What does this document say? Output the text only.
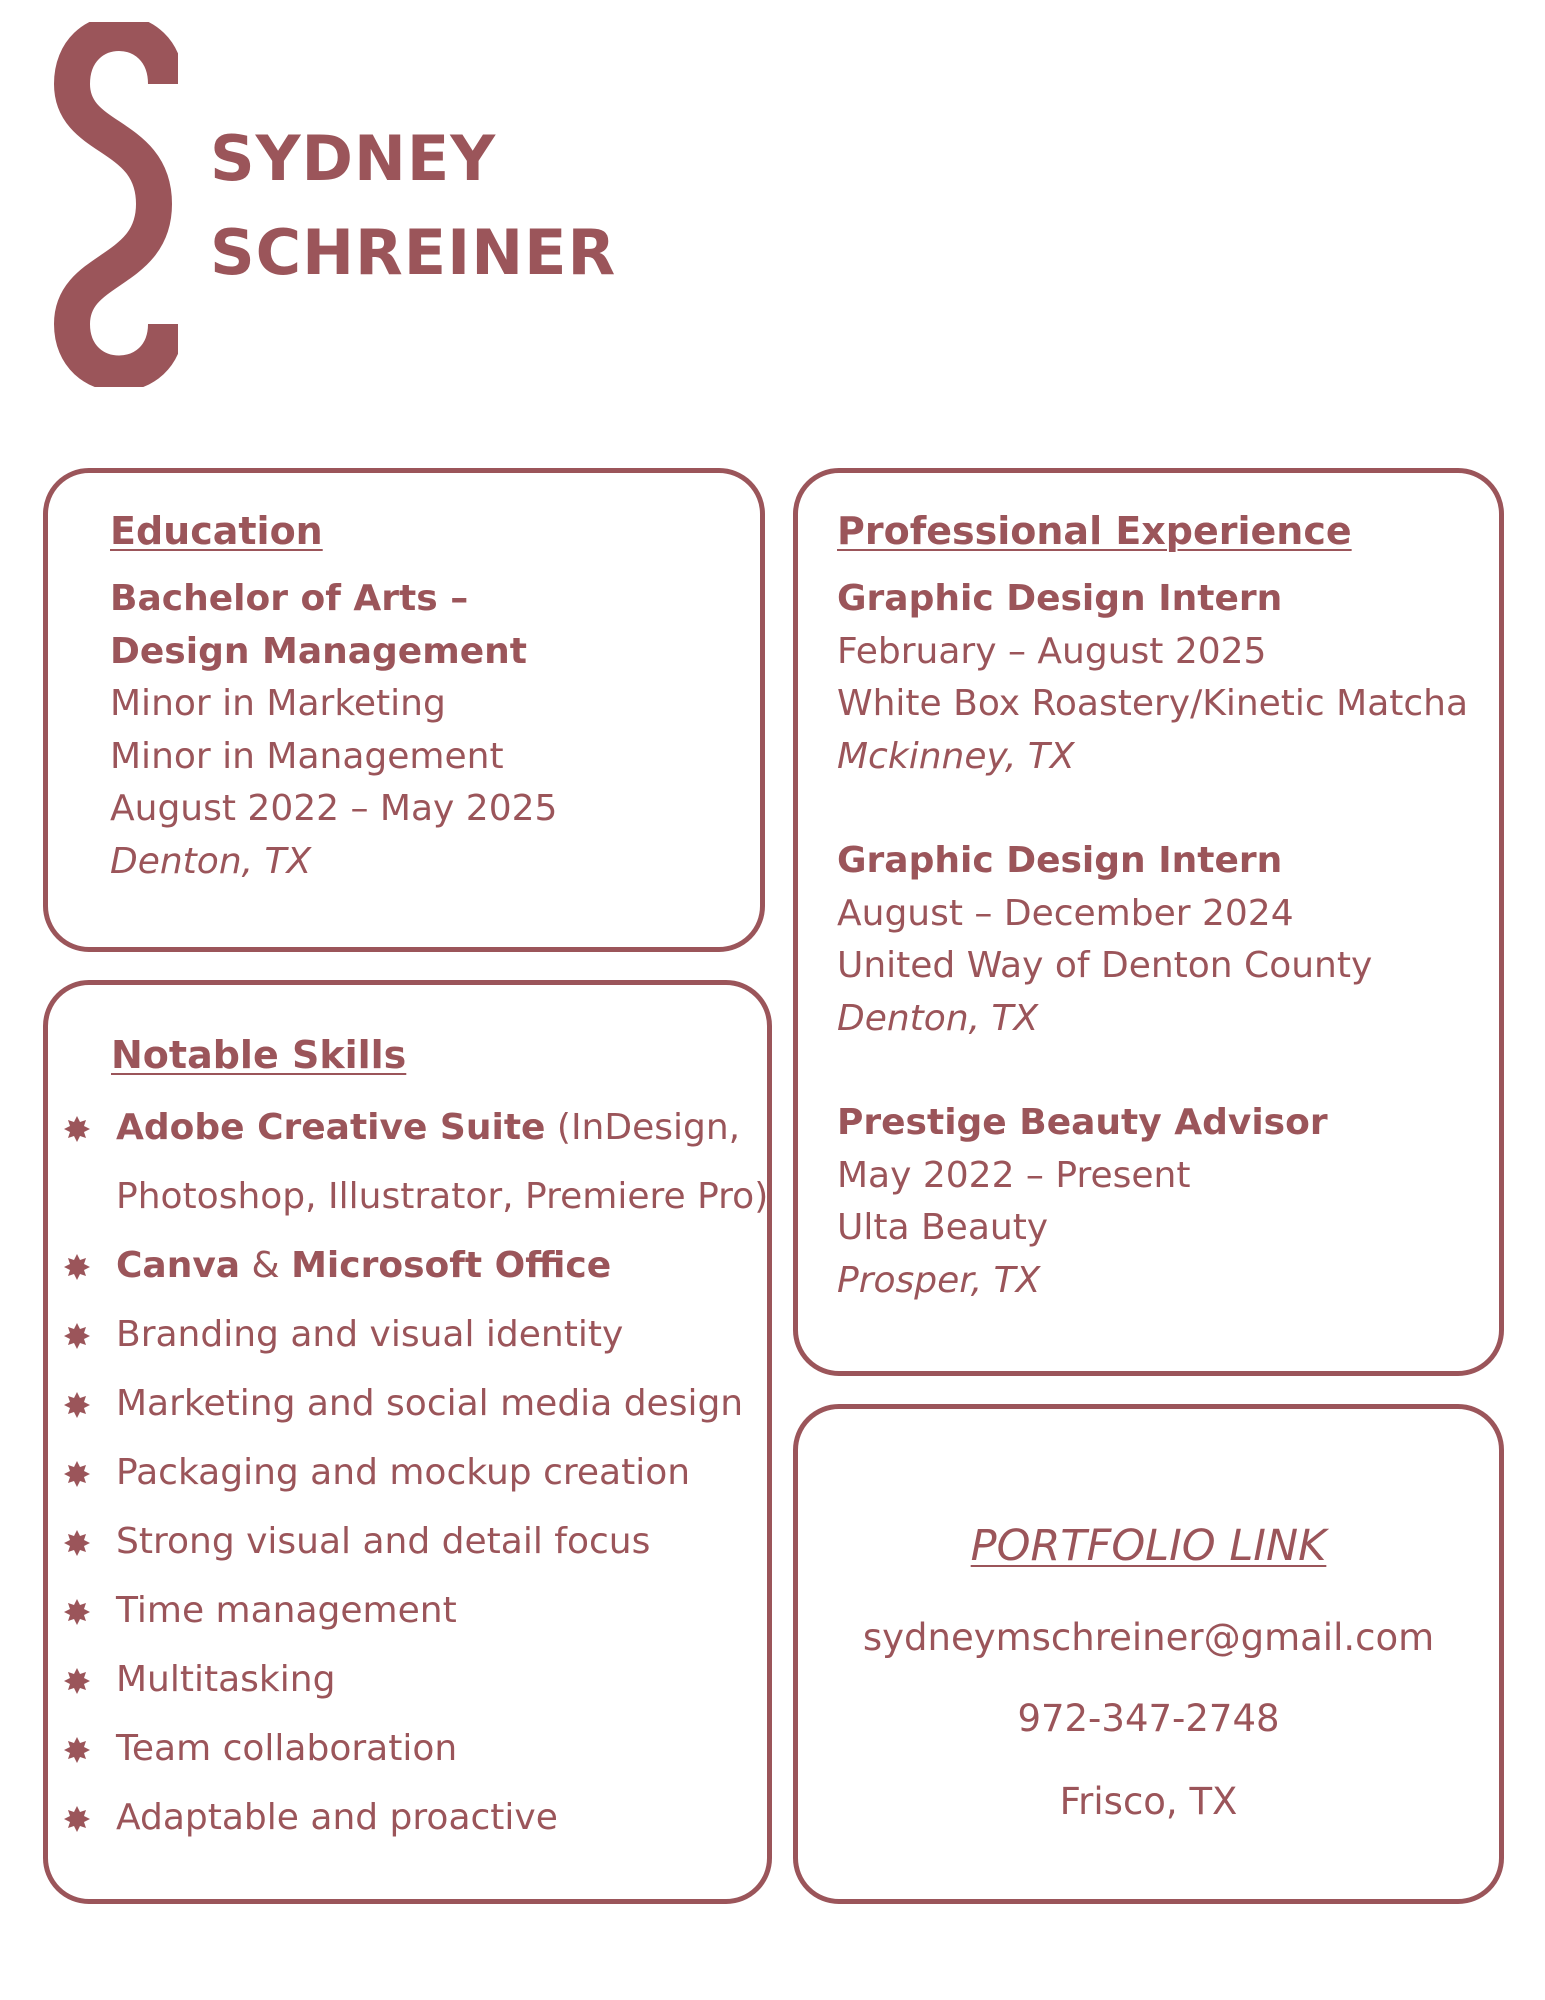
SYDNEY
SCHREINER
Education
Bachelor of Arts –
Design Management
Minor in Marketing
Minor in Management
August 2022 – May 2025
Denton, TX
Notable Skills
Adobe Creative Suite (InDesign,
Photoshop, Illustrator, Premiere Pro)
Canva & Microsoft Office
Branding and visual identity
Marketing and social media design
Packaging and mockup creation
Strong visual and detail focus
Time management
Multitasking
Team collaboration
Adaptable and proactive
Professional Experience
Graphic Design Intern
February – August 2025
White Box Roastery/Kinetic Matcha
Mckinney, TX
Graphic Design Intern
August – December 2024
United Way of Denton County
Denton, TX
Prestige Beauty Advisor
May 2022 – Present
Ulta Beauty
Prosper, TX
PORTFOLIO LINK
sydneymschreiner@gmail.com
972-347-2748
Frisco, TX
